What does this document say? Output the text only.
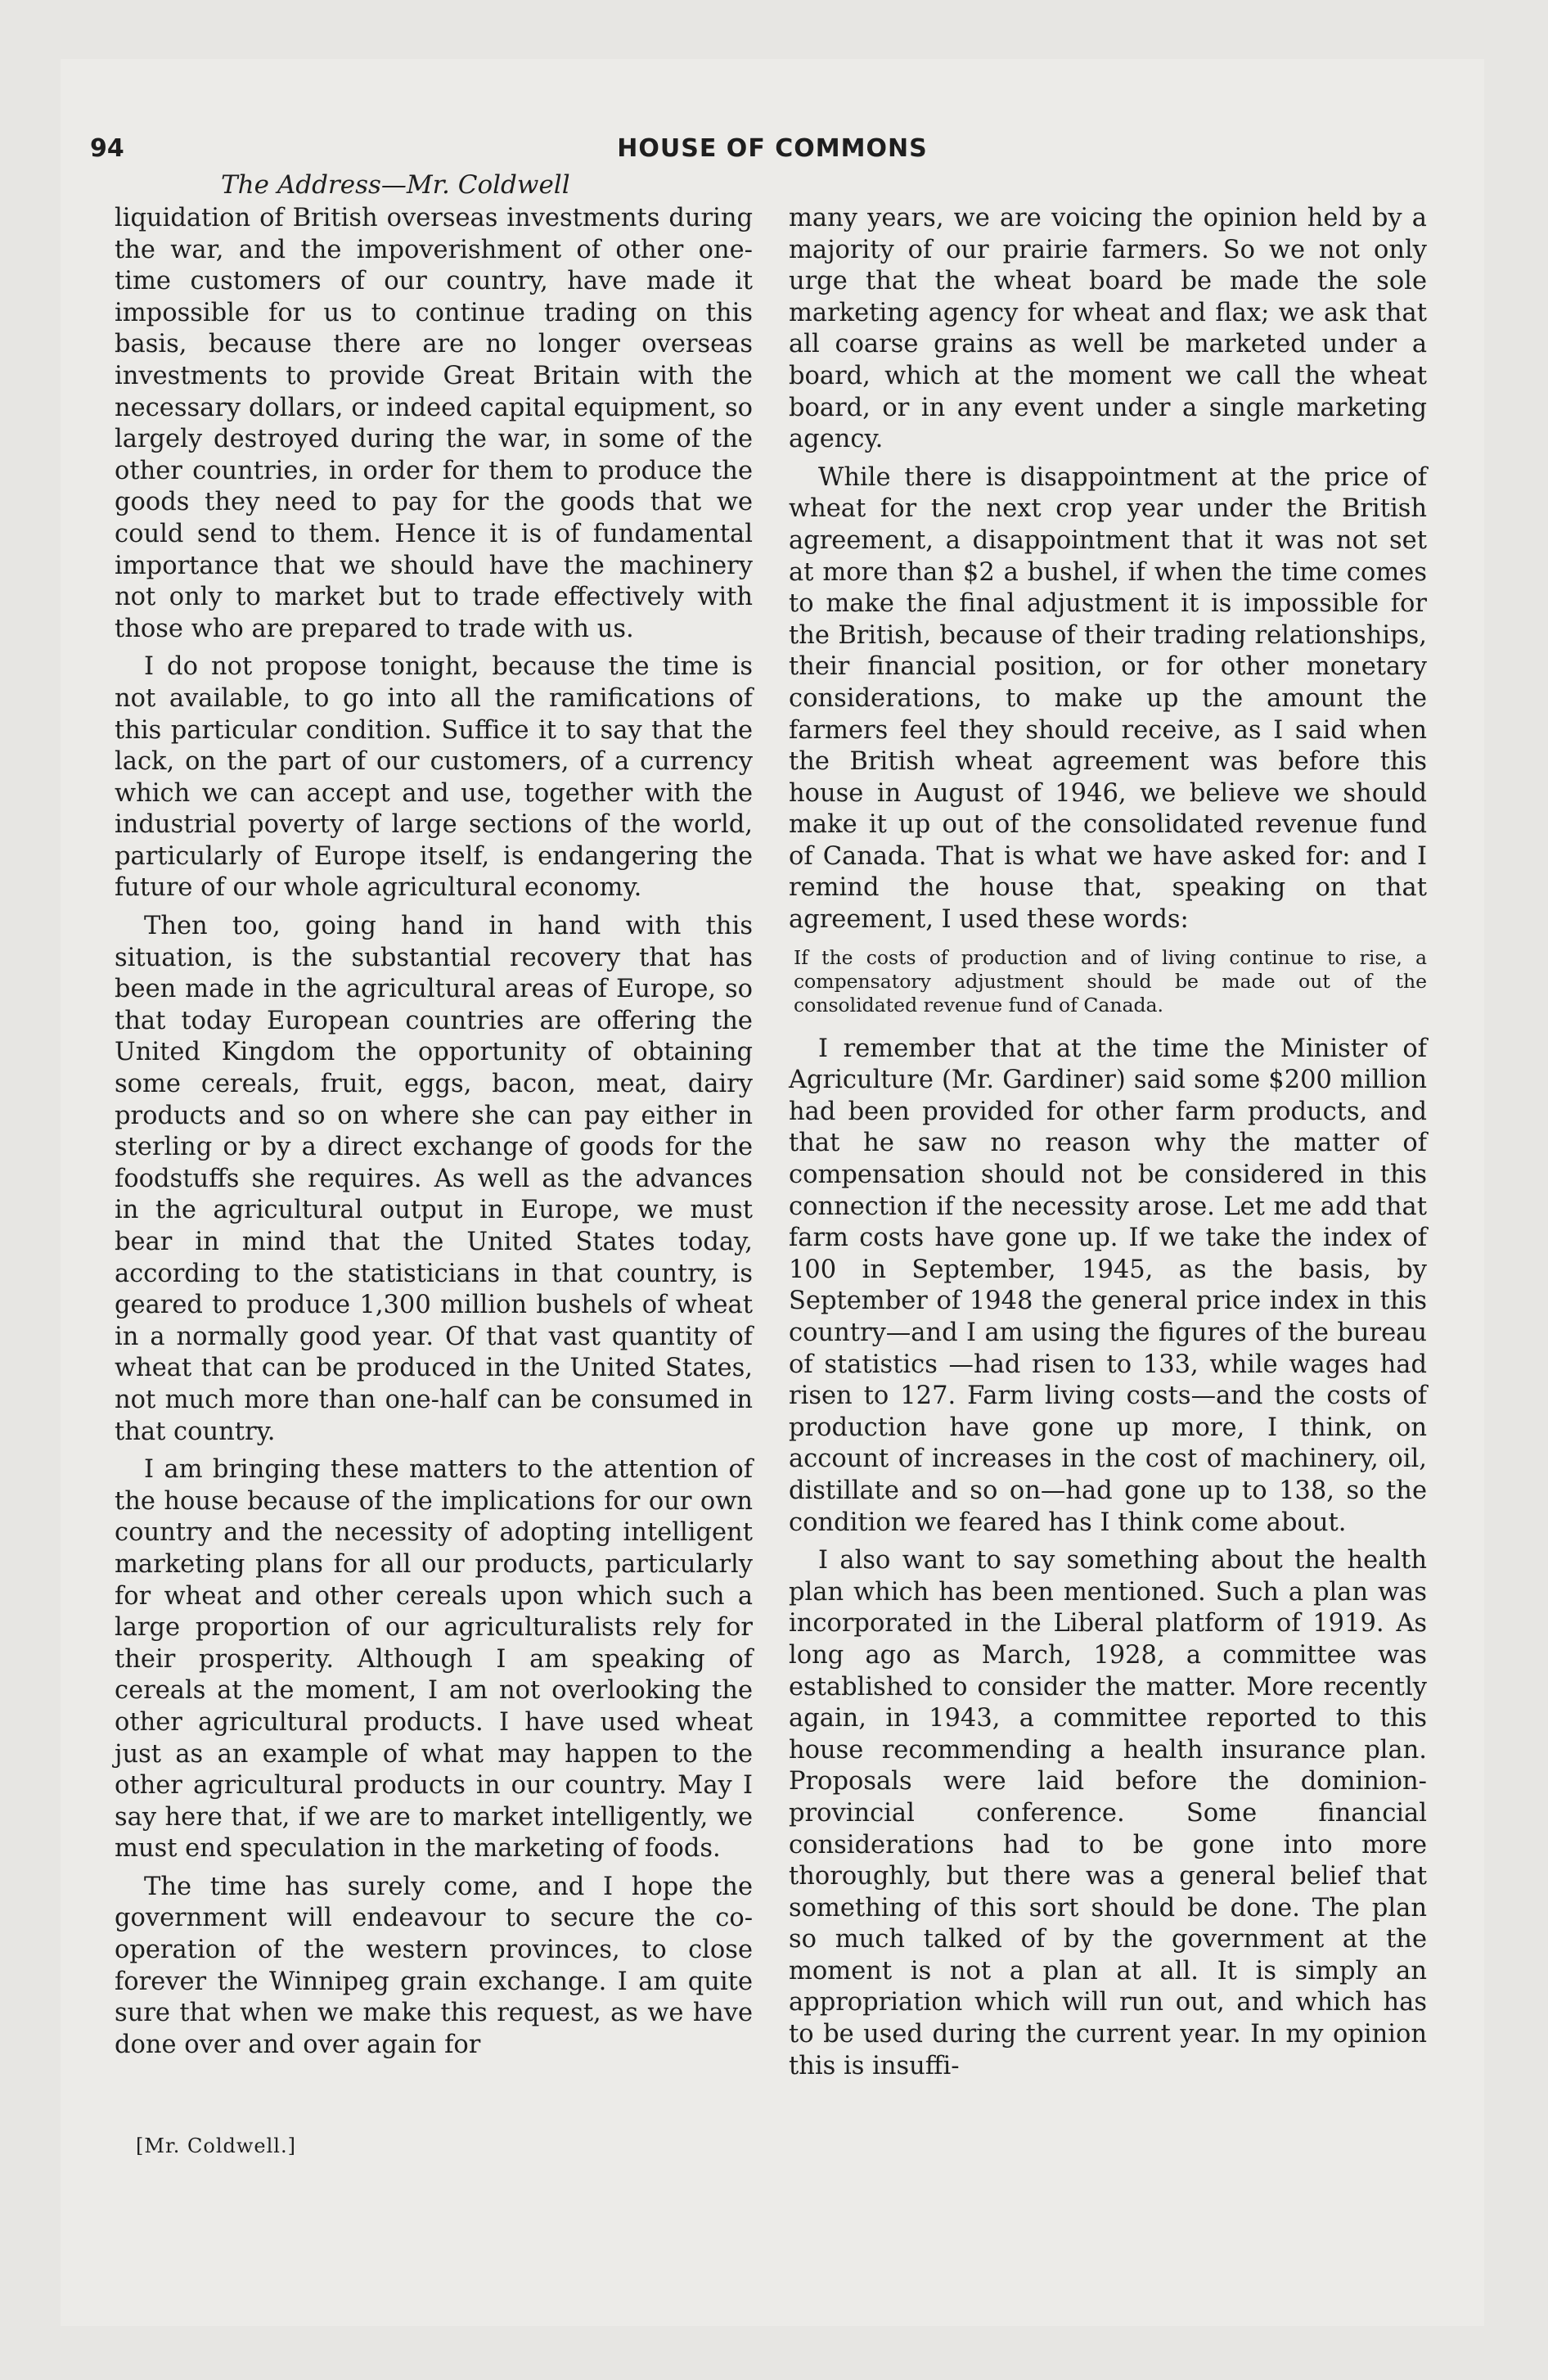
94	HOUSE OF COMMONS
The Address—Mr. Coldwell

liquidation of British overseas investments during the war, and the impoverishment of other one-time customers of our country, have made it impossible for us to continue trading on this basis, because there are no longer overseas investments to provide Great Britain with the necessary dollars, or indeed capital equipment, so largely destroyed during the war, in some of the other countries, in order for them to produce the goods they need to pay for the goods that we could send to them. Hence it is of fundamental importance that we should have the machinery not only to market but to trade effectively with those who are prepared to trade with us.

I do not propose tonight, because the time is not available, to go into all the ramifications of this particular condition. Suffice it to say that the lack, on the part of our customers, of a currency which we can accept and use, together with the industrial poverty of large sections of the world, particularly of Europe itself, is endangering the future of our whole agricultural economy.

Then too, going hand in hand with this situation, is the substantial recovery that has been made in the agricultural areas of Europe, so that today European countries are offering the United Kingdom the opportunity of obtaining some cereals, fruit, eggs, bacon, meat, dairy products and so on where she can pay either in sterling or by a direct exchange of goods for the foodstuffs she requires. As well as the advances in the agricultural output in Europe, we must bear in mind that the United States today, according to the statisticians in that country, is geared to produce 1,300 million bushels of wheat in a normally good year. Of that vast quantity of wheat that can be produced in the United States, not much more than one-half can be consumed in that country.

I am bringing these matters to the attention of the house because of the implications for our own country and the necessity of adopting intelligent marketing plans for all our products, particularly for wheat and other cereals upon which such a large proportion of our agriculturalists rely for their prosperity. Although I am speaking of cereals at the moment, I am not overlooking the other agricultural products. I have used wheat just as an example of what may happen to the other agricultural products in our country. May I say here that, if we are to market intelligently, we must end speculation in the marketing of foods.

The time has surely come, and I hope the government will endeavour to secure the cooperation of the western provinces, to close forever the Winnipeg grain exchange. I am quite sure that when we make this request, as we have done over and over again for

many years, we are voicing the opinion held by a majority of our prairie farmers. So we not only urge that the wheat board be made the sole marketing agency for wheat and flax; we ask that all coarse grains as well be marketed under a board, which at the moment we call the wheat board, or in any event under a single marketing agency.

While there is disappointment at the price of wheat for the next crop year under the British agreement, a disappointment that it was not set at more than $2 a bushel, if when the time comes to make the final adjustment it is impossible for the British, because of their trading relationships, their financial position, or for other monetary considerations, to make up the amount the farmers feel they should receive, as I said when the British wheat agreement was before this house in August of 1946, we believe we should make it up out of the consolidated revenue fund of Canada. That is what we have asked for: and I remind the house that, speaking on that agreement, I used these words:

If the costs of production and of living continue to rise, a compensatory adjustment should be made out of the consolidated revenue fund of Canada.

I remember that at the time the Minister of Agriculture (Mr. Gardiner) said some $200 million had been provided for other farm products, and that he saw no reason why the matter of compensation should not be considered in this connection if the necessity arose. Let me add that farm costs have gone up. If we take the index of 100 in September, 1945, as the basis, by September of 1948 the general price index in this country—and I am using the figures of the bureau of statistics —had risen to 133, while wages had risen to 127. Farm living costs—and the costs of production have gone up more, I think, on account of increases in the cost of machinery, oil, distillate and so on—had gone up to 138, so the condition we feared has I think come about.

I also want to say something about the health plan which has been mentioned. Such a plan was incorporated in the Liberal platform of 1919. As long ago as March, 1928, a committee was established to consider the matter. More recently again, in 1943, a committee reported to this house recommending a health insurance plan. Proposals were laid before the dominion-provincial conference. Some financial considerations had to be gone into more thoroughly, but there was a general belief that something of this sort should be done. The plan so much talked of by the government at the moment is not a plan at all. It is simply an appropriation which will run out, and which has to be used during the current year. In my opinion this is insuffi-

[Mr. Coldwell.]
